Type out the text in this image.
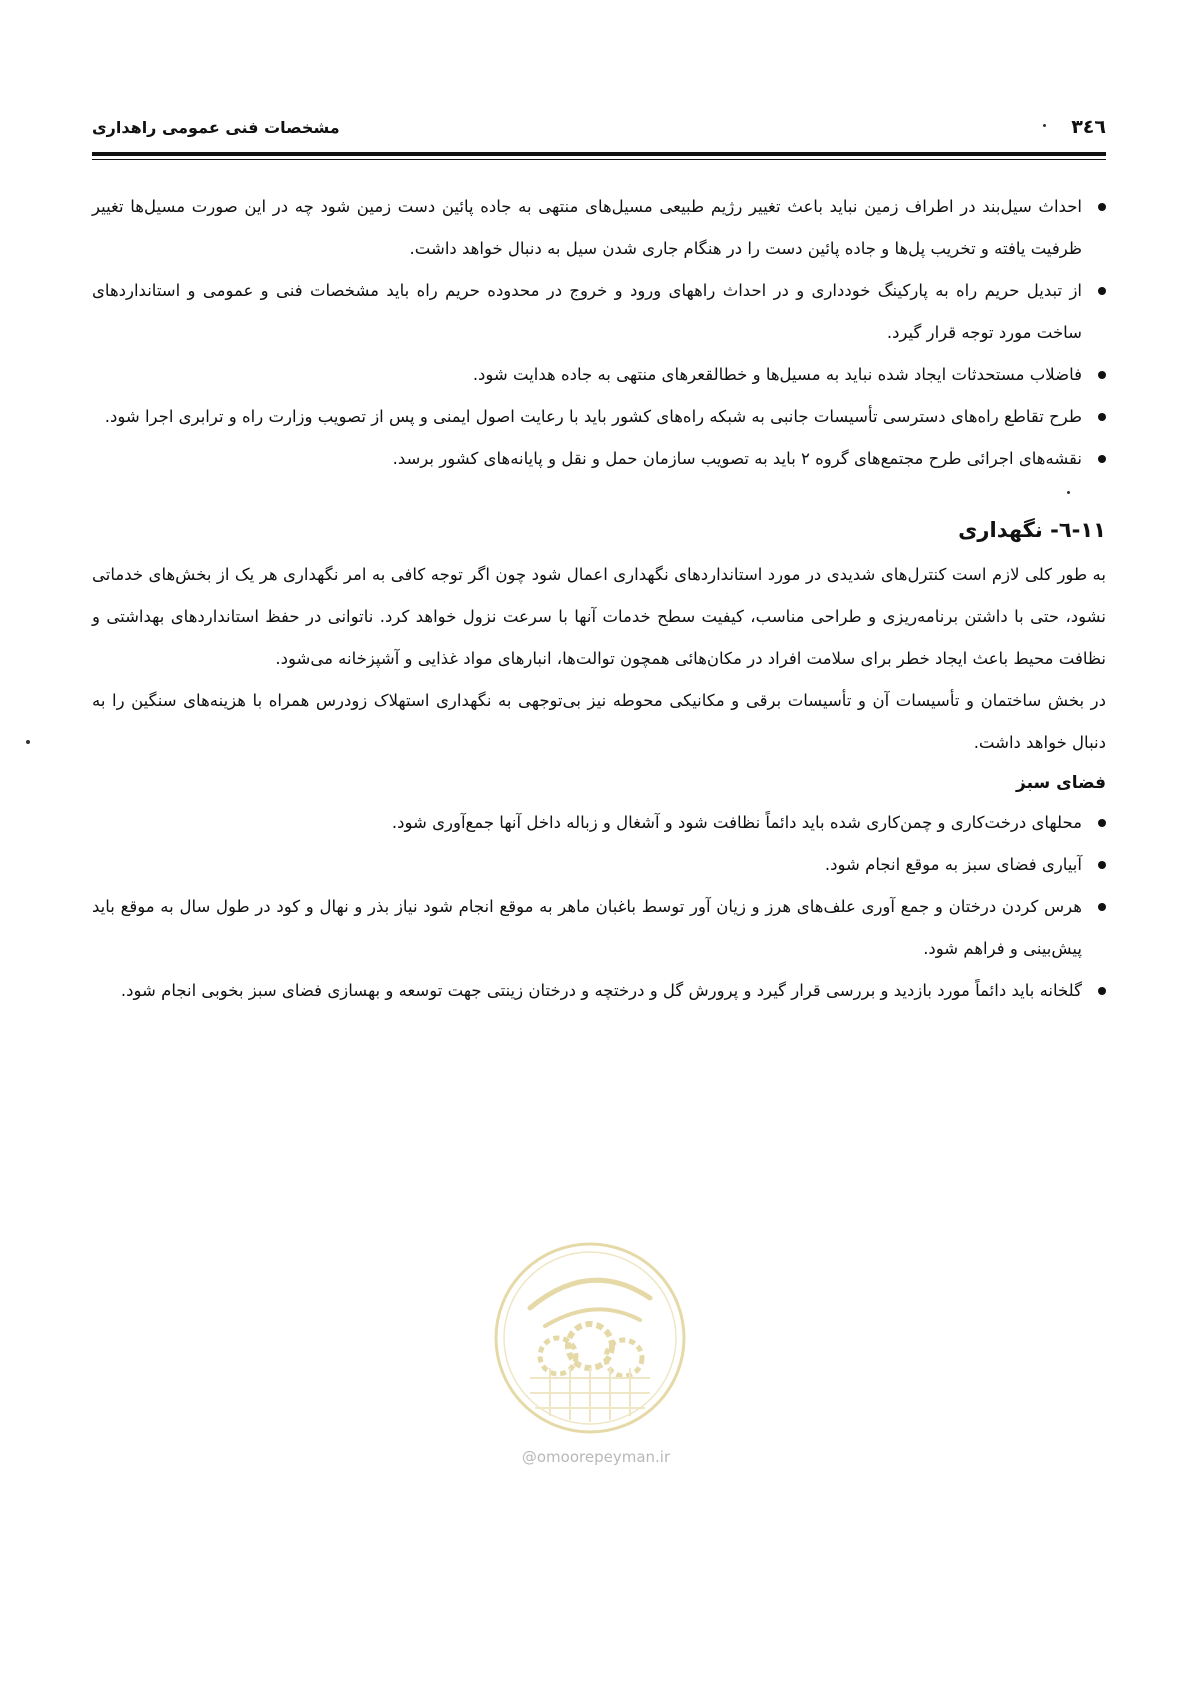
مشخصات فنی عمومی راهداری	٣٤٦
احداث سیل‌بند در اطراف زمین نباید باعث تغییر رژیم طبیعی مسیل‌های منتهی به جاده پائین دست زمین شود چه در این صورت مسیل‌ها تغییر ظرفیت یافته و تخریب پل‌ها و جاده پائین دست را در هنگام جاری شدن سیل به دنبال خواهد داشت.
از تبدیل حریم راه به پارکینگ خودداری و در احداث راههای ورود و خروج در محدوده حریم راه باید مشخصات فنی و عمومی و استانداردهای ساخت مورد توجه قرار گیرد.
فاضلاب مستحدثات ایجاد شده نباید به مسیل‌ها و خطالقعرهای منتهی به جاده هدایت شود.
طرح تقاطع راه‌های دسترسی تأسیسات جانبی به شبکه راه‌های کشور باید با رعایت اصول ایمنی و پس از تصویب وزارت راه و ترابری اجرا شود.
نقشه‌های اجرائی طرح مجتمع‌های گروه ٢ باید به تصویب سازمان حمل و نقل و پایانه‌های کشور برسد.
١١-٦- نگهداری

به طور کلی لازم است کنترل‌های شدیدی در مورد استانداردهای نگهداری اعمال شود چون اگر توجه کافی به امر نگهداری هر یک از بخش‌های خدماتی نشود، حتی با داشتن برنامه‌ریزی و طراحی مناسب، کیفیت سطح خدمات آنها با سرعت نزول خواهد کرد. ناتوانی در حفظ استانداردهای بهداشتی و نظافت محیط باعث ایجاد خطر برای سلامت افراد در مکان‌هائی همچون توالت‌ها، انبارهای مواد غذایی و آشپزخانه می‌شود.

در بخش ساختمان و تأسیسات آن و تأسیسات برقی و مکانیکی محوطه نیز بی‌توجهی به نگهداری استهلاک زودرس همراه با هزینه‌های سنگین را به دنبال خواهد داشت.

فضای سبز
محلهای درخت‌کاری و چمن‌کاری شده باید دائماً نظافت شود و آشغال و زباله داخل آنها جمع‌آوری شود.
آبیاری فضای سبز به موقع انجام شود.
هرس کردن درختان و جمع آوری علف‌های هرز و زیان آور توسط باغبان ماهر به موقع انجام شود نیاز بذر و نهال و کود در طول سال به موقع باید پیش‌بینی و فراهم شود.
گلخانه باید دائماً مورد بازدید و بررسی قرار گیرد و پرورش گل و درختچه و درختان زینتی جهت توسعه و بهسازی فضای سبز بخوبی انجام شود.
@omoorepeyman.ir
